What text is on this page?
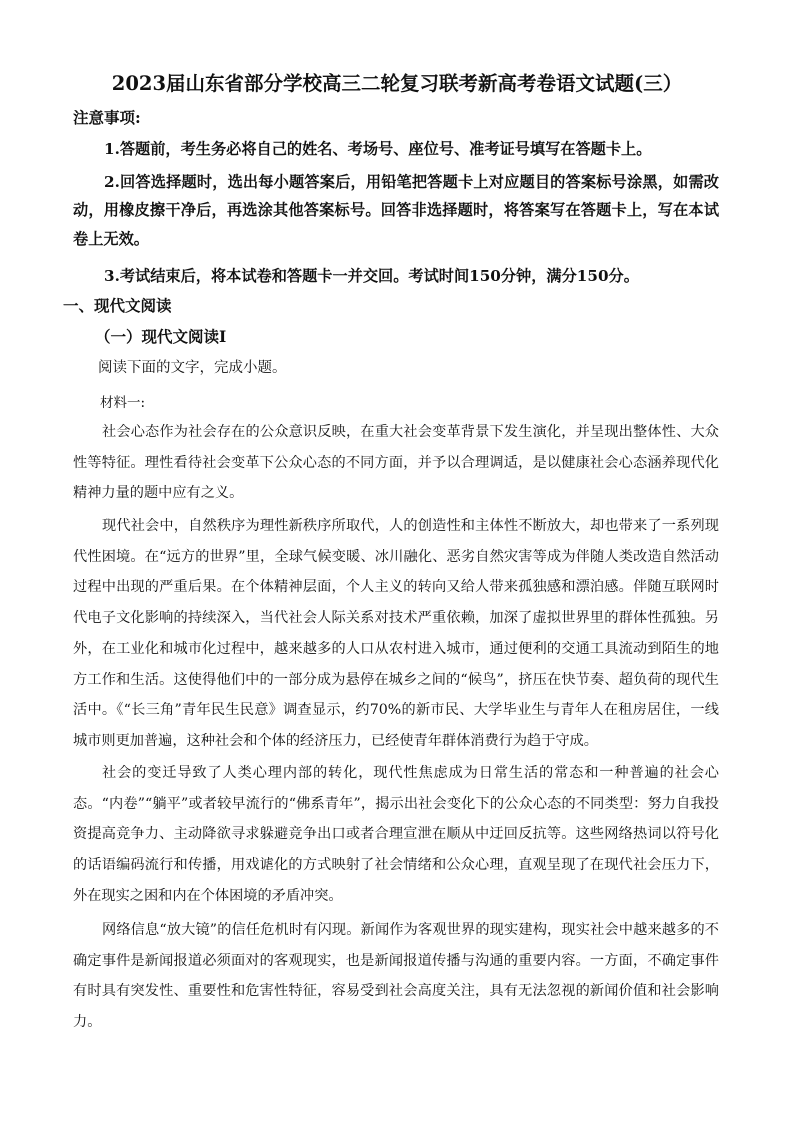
2023届山东省部分学校高三二轮复习联考新高考卷语文试题(三）
注意事项:

1.答题前，考生务必将自己的姓名、考场号、座位号、准考证号填写在答题卡上。

2.回答选择题时，选出每小题答案后，用铅笔把答题卡上对应题目的答案标号涂黑，如需改动，用橡皮擦干净后，再选涂其他答案标号。回答非选择题时，将答案写在答题卡上，写在本试卷上无效。

3.考试结束后，将本试卷和答题卡一并交回。考试时间150分钟，满分150分。

一、现代文阅读
（一）现代文阅读Ⅰ
阅读下面的文字，完成小题。
材料一:

社会心态作为社会存在的公众意识反映，在重大社会变革背景下发生演化，并呈现出整体性、大众性等特征。理性看待社会变革下公众心态的不同方面，并予以合理调适，是以健康社会心态涵养现代化精神力量的题中应有之义。

现代社会中，自然秩序为理性新秩序所取代，人的创造性和主体性不断放大，却也带来了一系列现代性困境。在“远方的世界”里，全球气候变暖、冰川融化、恶劣自然灾害等成为伴随人类改造自然活动过程中出现的严重后果。在个体精神层面，个人主义的转向又给人带来孤独感和漂泊感。伴随互联网时代电子文化影响的持续深入，当代社会人际关系对技术严重依赖，加深了虚拟世界里的群体性孤独。另外，在工业化和城市化过程中，越来越多的人口从农村进入城市，通过便利的交通工具流动到陌生的地方工作和生活。这使得他们中的一部分成为悬停在城乡之间的“候鸟”，挤压在快节奏、超负荷的现代生活中。《“长三角”青年民生民意》调查显示，约70%的新市民、大学毕业生与青年人在租房居住，一线城市则更加普遍，这种社会和个体的经济压力，已经使青年群体消费行为趋于守成。

社会的变迁导致了人类心理内部的转化，现代性焦虑成为日常生活的常态和一种普遍的社会心态。“内卷”“躺平”或者较早流行的“佛系青年”，揭示出社会变化下的公众心态的不同类型：努力自我投资提高竞争力、主动降欲寻求躲避竞争出口或者合理宣泄在顺从中迂回反抗等。这些网络热词以符号化的话语编码流行和传播，用戏谑化的方式映射了社会情绪和公众心理，直观呈现了在现代社会压力下，外在现实之困和内在个体困境的矛盾冲突。

网络信息“放大镜”的信任危机时有闪现。新闻作为客观世界的现实建构，现实社会中越来越多的不确定事件是新闻报道必须面对的客观现实，也是新闻报道传播与沟通的重要内容。一方面，不确定事件有时具有突发性、重要性和危害性特征，容易受到社会高度关注，具有无法忽视的新闻价值和社会影响力。
